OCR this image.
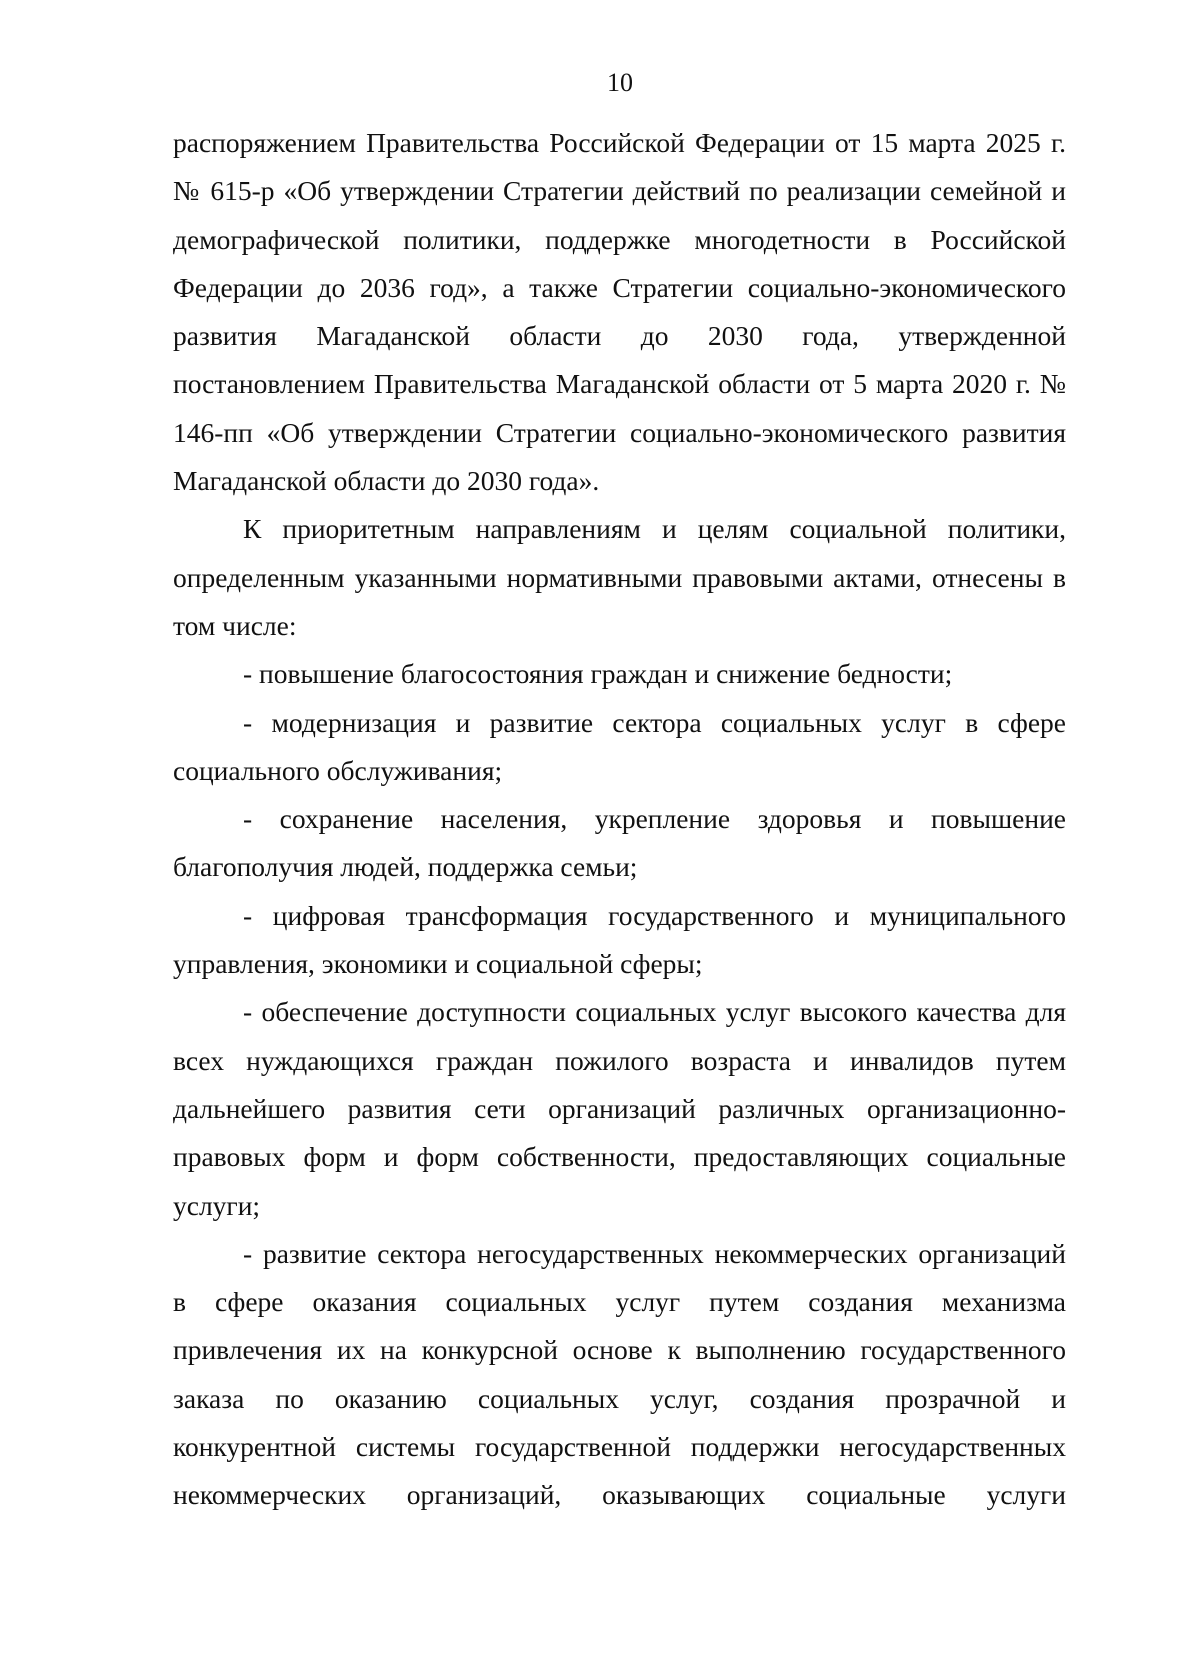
10

распоряжением Правительства Российской Федерации от 15 марта 2025 г. № 615-р «Об утверждении Стратегии действий по реализации семейной и демографической политики, поддержке многодетности в Российской Федерации до 2036 год», а также Стратегии социально-экономического развития Магаданской области до 2030 года, утвержденной постановлением Правительства Магаданской области от 5 марта 2020 г. № 146-пп «Об утверждении Стратегии социально-экономического развития Магаданской области до 2030 года».

К приоритетным направлениям и целям социальной политики, определенным указанными нормативными правовыми актами, отнесены в том числе:

- повышение благосостояния граждан и снижение бедности;

- модернизация и развитие сектора социальных услуг в сфере социального обслуживания;

- сохранение населения, укрепление здоровья и повышение благополучия людей, поддержка семьи;

- цифровая трансформация государственного и муниципального управления, экономики и социальной сферы;

- обеспечение доступности социальных услуг высокого качества для всех нуждающихся граждан пожилого возраста и инвалидов путем дальнейшего развития сети организаций различных организационно-правовых форм и форм собственности, предоставляющих социальные услуги;

- развитие сектора негосударственных некоммерческих организаций в сфере оказания социальных услуг путем создания механизма привлечения их на конкурсной основе к выполнению государственного заказа по оказанию социальных услуг, создания прозрачной и конкурентной системы государственной поддержки негосударственных некоммерческих организаций, оказывающих социальные услуги
